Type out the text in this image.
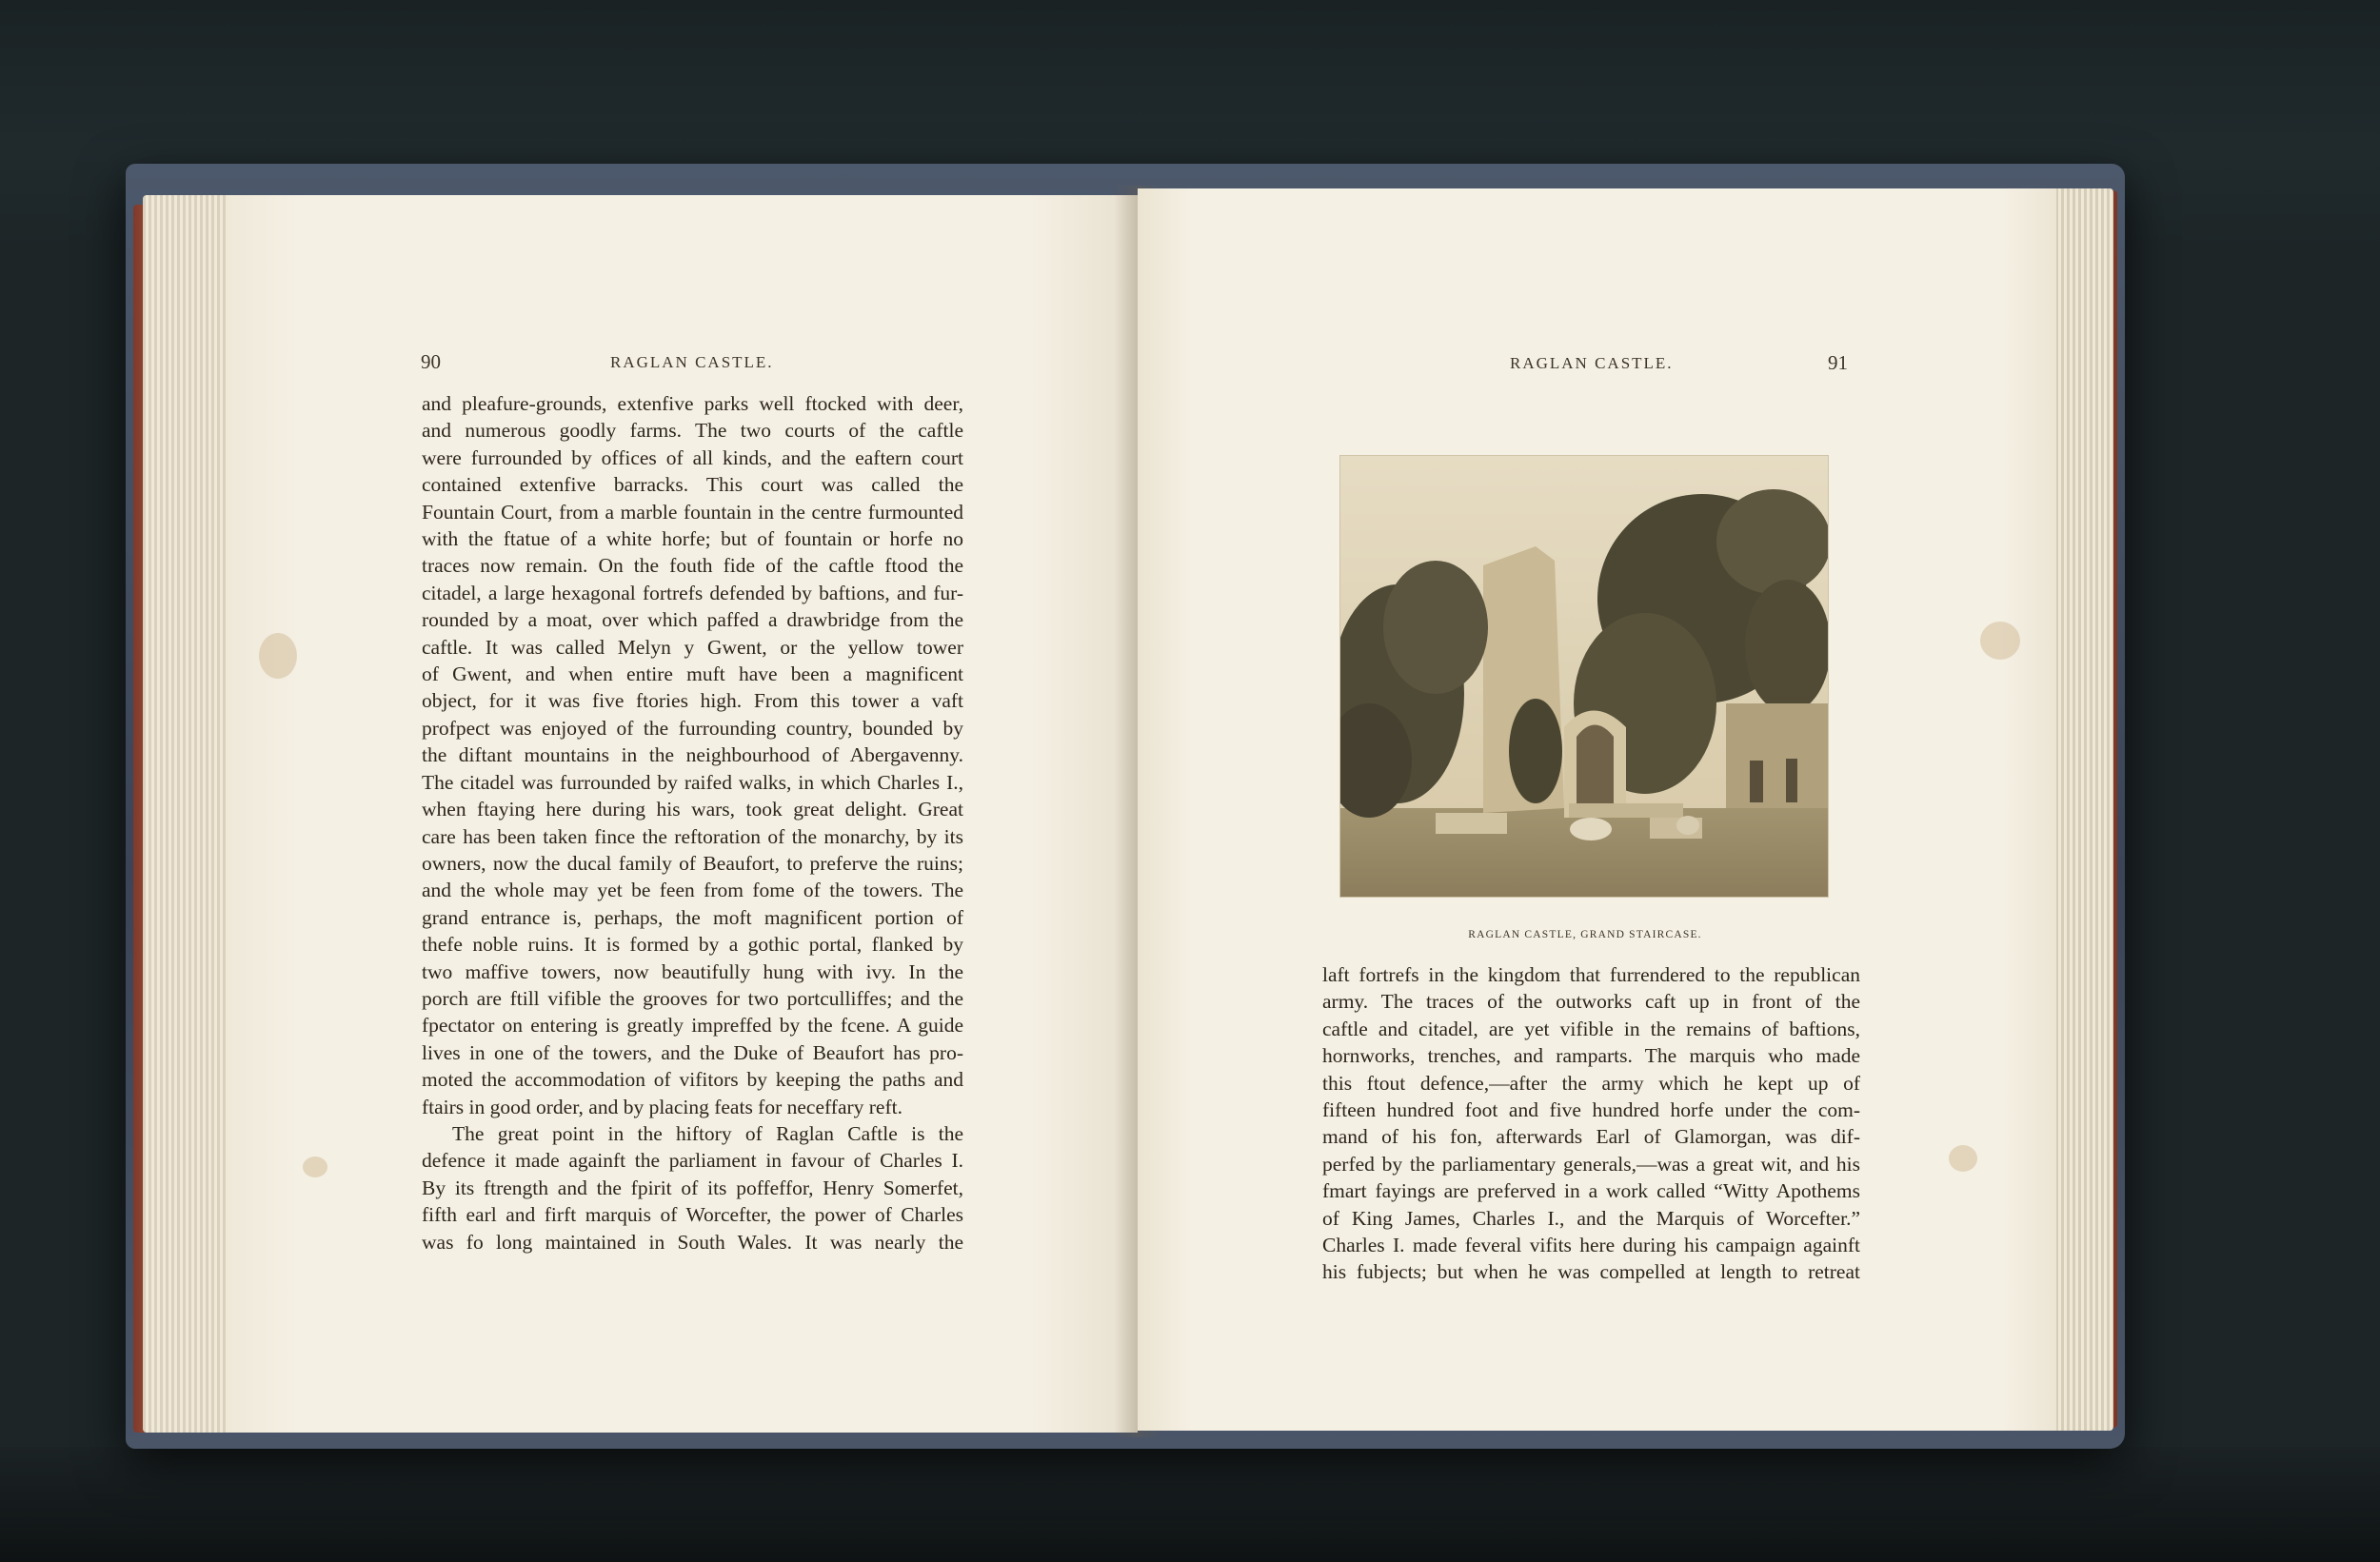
90	RAGLAN CASTLE.
and pleafure-grounds, extenfive parks well ftocked with deer,
and numerous goodly farms. The two courts of the caftle
were furrounded by offices of all kinds, and the eaftern court
contained extenfive barracks. This court was called the
Fountain Court, from a marble fountain in the centre furmounted
with the ftatue of a white horfe; but of fountain or horfe no
traces now remain. On the fouth fide of the caftle ftood the
citadel, a large hexagonal fortrefs defended by baftions, and fur-
rounded by a moat, over which paffed a drawbridge from the
caftle. It was called Melyn y Gwent, or the yellow tower
of Gwent, and when entire muft have been a magnificent
object, for it was five ftories high. From this tower a vaft
profpect was enjoyed of the furrounding country, bounded by
the diftant mountains in the neighbourhood of Abergavenny.
The citadel was furrounded by raifed walks, in which Charles I.,
when ftaying here during his wars, took great delight. Great
care has been taken fince the reftoration of the monarchy, by its
owners, now the ducal family of Beaufort, to preferve the ruins;
and the whole may yet be feen from fome of the towers. The
grand entrance is, perhaps, the moft magnificent portion of
thefe noble ruins. It is formed by a gothic portal, flanked by
two maffive towers, now beautifully hung with ivy. In the
porch are ftill vifible the grooves for two portculliffes; and the
fpectator on entering is greatly impreffed by the fcene. A guide
lives in one of the towers, and the Duke of Beaufort has pro-
moted the accommodation of vifitors by keeping the paths and
ftairs in good order, and by placing feats for neceffary reft.
The great point in the hiftory of Raglan Caftle is the
defence it made againft the parliament in favour of Charles I.
By its ftrength and the fpirit of its poffeffor, Henry Somerfet,
fifth earl and firft marquis of Worcefter, the power of Charles
was fo long maintained in South Wales. It was nearly the
RAGLAN CASTLE.	91
laft fortrefs in the kingdom that furrendered to the republican
army. The traces of the outworks caft up in front of the
caftle and citadel, are yet vifible in the remains of baftions,
hornworks, trenches, and ramparts. The marquis who made
this ftout defence,—after the army which he kept up of
fifteen hundred foot and five hundred horfe under the com-
mand of his fon, afterwards Earl of Glamorgan, was dif-
perfed by the parliamentary generals,—was a great wit, and his
fmart fayings are preferved in a work called “Witty Apothems
of King James, Charles I., and the Marquis of Worcefter.”
Charles I. made feveral vifits here during his campaign againft
his fubjects; but when he was compelled at length to retreat
RAGLAN CASTLE, GRAND STAIRCASE.
